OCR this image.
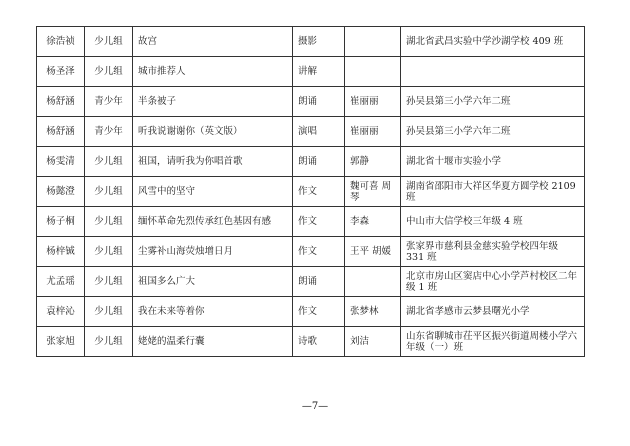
徐浩祯	少儿组	故宫	摄影		湖北省武昌实验中学沙湖学校 409 班
杨圣泽	少儿组	城市推荐人	讲解		
杨舒涵	青少年	半条被子	朗诵	崔丽丽	孙吴县第三小学六年二班
杨舒涵	青少年	听我说谢谢你（英文版）	演唱	崔丽丽	孙吴县第三小学六年二班
杨雯清	少儿组	祖国，请听我为你唱首歌	朗诵	郭静	湖北省十堰市实验小学
杨懿澄	少儿组	风雪中的坚守	作文	魏可喜 周琴	湖南省邵阳市大祥区华夏方圆学校 2109 班
杨子桐	少儿组	缅怀革命先烈传承红色基因有感	作文	李森	中山市大信学校三年级 4 班
杨梓铖	少儿组	尘雾补山海荧烛增日月	作文	王平 胡媛	张家界市慈利县金慈实验学校四年级 331 班
尤孟瑶	少儿组	祖国多么广大	朗诵		北京市房山区窦店中心小学芦村校区二年级 1 班
袁梓沁	少儿组	我在未来等着你	作文	张梦林	湖北省孝感市云梦县曙光小学
张家旭	少儿组	姥姥的温柔行囊	诗歌	刘洁	山东省聊城市茌平区振兴街道周楼小学六年级（一）班
—7—
